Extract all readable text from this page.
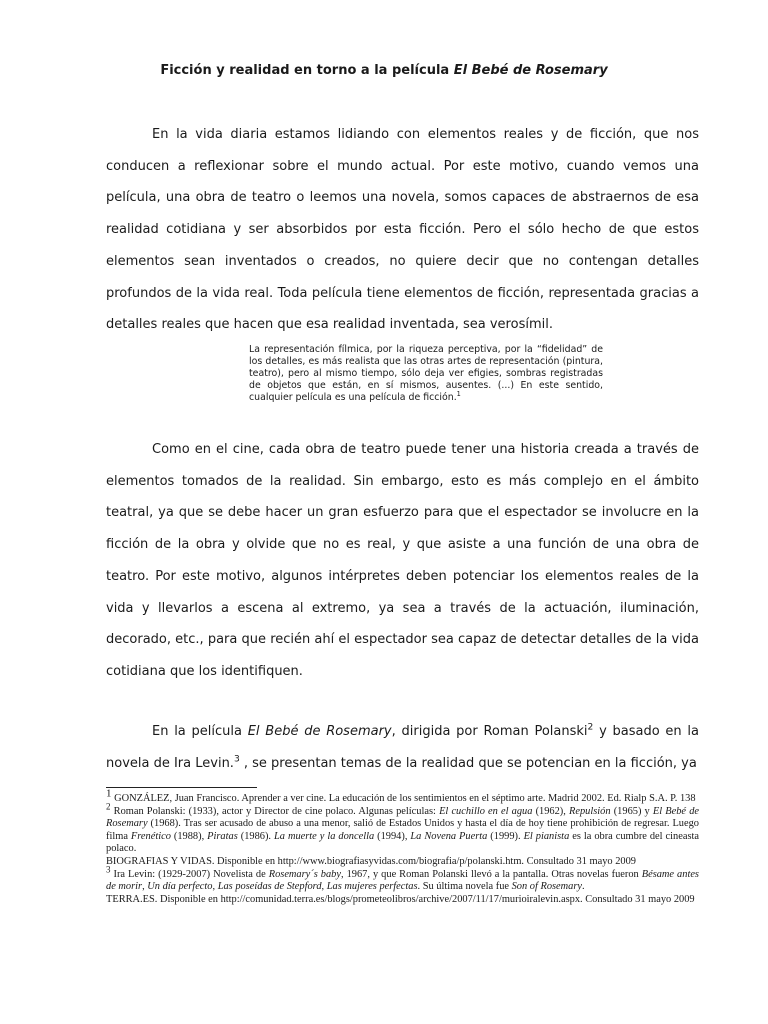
Ficción y realidad en torno a la película El Bebé de Rosemary

En la vida diaria estamos lidiando con elementos reales y de ficción, que nos conducen a reflexionar sobre el mundo actual. Por este motivo, cuando vemos una película, una obra de teatro o leemos una novela, somos capaces de abstraernos de esa realidad cotidiana y ser absorbidos por esta ficción. Pero el sólo hecho de que estos elementos sean inventados o creados, no quiere decir que no contengan detalles profundos de la vida real. Toda película tiene elementos de ficción, representada gracias a detalles reales que hacen que esa realidad inventada, sea verosímil.

La representación fílmica, por la riqueza perceptiva, por la “fidelidad” de los detalles, es más realista que las otras artes de representación (pintura, teatro), pero al mismo tiempo, sólo deja ver efigies, sombras registradas de objetos que están, en sí mismos, ausentes. (...) En este sentido, cualquier película es una película de ficción.$^1$

Como en el cine, cada obra de teatro puede tener una historia creada a través de elementos tomados de la realidad. Sin embargo, esto es más complejo en el ámbito teatral, ya que se debe hacer un gran esfuerzo para que el espectador se involucre en la ficción de la obra y olvide que no es real, y que asiste a una función de una obra de teatro. Por este motivo, algunos intérpretes deben potenciar los elementos reales de la vida y llevarlos a escena al extremo, ya sea a través de la actuación, iluminación, decorado, etc., para que recién ahí el espectador sea capaz de detectar detalles de la vida cotidiana que los identifiquen.

En la película El Bebé de Rosemary, dirigida por Roman Polanski$^2$ y basado en la novela de Ira Levin.$^3$ , se presentan temas de la realidad que se potencian en la ficción, ya

1 GONZÁLEZ, Juan Francisco. Aprender a ver cine. La educación de los sentimientos en el séptimo arte. Madrid 2002. Ed. Rialp S.A. P. 138

2 Roman Polanski: (1933), actor y Director de cine polaco. Algunas películas: El cuchillo en el agua (1962), Repulsión (1965) y El Bebé de Rosemary (1968). Tras ser acusado de abuso a una menor, salió de Estados Unidos y hasta el día de hoy tiene prohibición de regresar. Luego filma Frenético (1988), Piratas (1986). La muerte y la doncella (1994), La Novena Puerta (1999). El pianista es la obra cumbre del cineasta polaco.

BIOGRAFIAS Y VIDAS. Disponible en http://www.biografiasyvidas.com/biografia/p/polanski.htm. Consultado 31 mayo 2009

3 Ira Levin: (1929-2007) Novelista de Rosemary´s baby, 1967, y que Roman Polanski llevó a la pantalla. Otras novelas fueron Bésame antes de morir, Un día perfecto, Las poseídas de Stepford, Las mujeres perfectas. Su última novela fue Son of Rosemary.

TERRA.ES. Disponible en http://comunidad.terra.es/blogs/prometeolibros/archive/2007/11/17/murioiralevin.aspx. Consultado 31 mayo 2009
